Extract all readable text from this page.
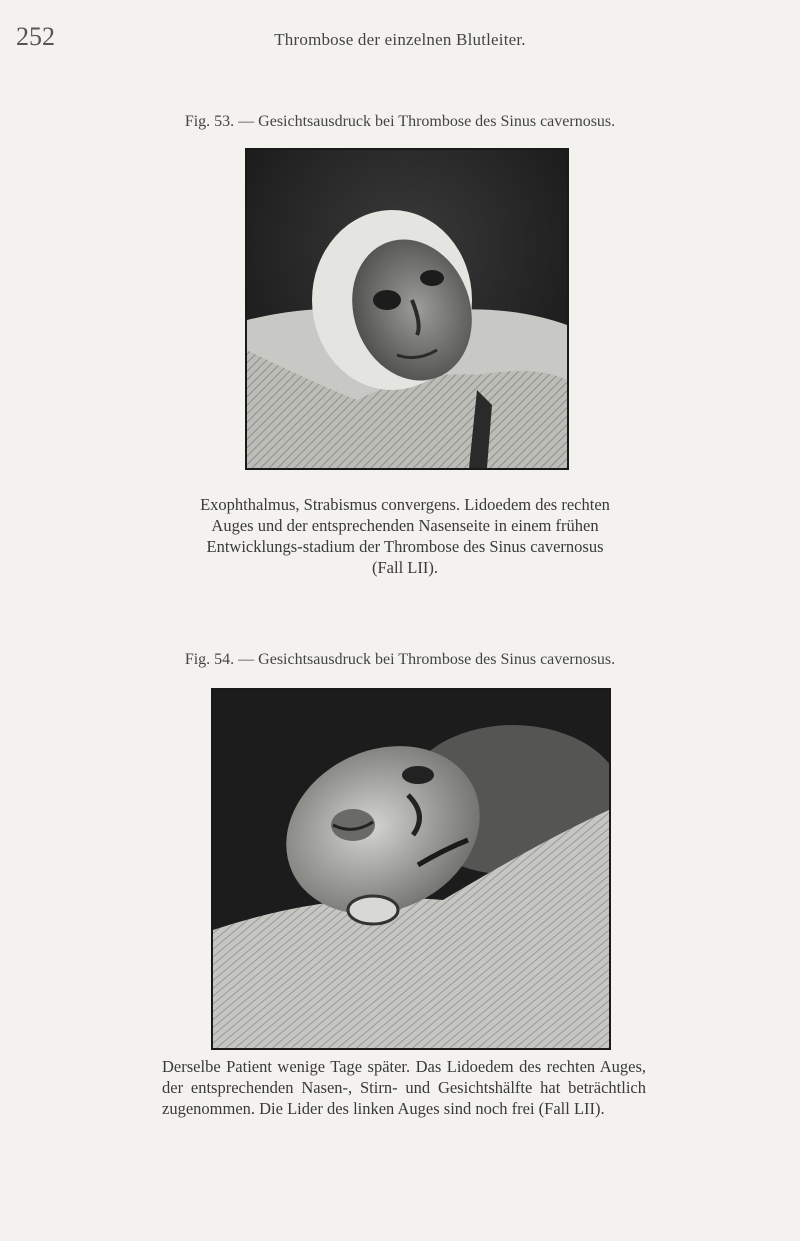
252	Thrombose der einzelnen Blutleiter.
Fig. 53. — Gesichtsausdruck bei Thrombose des Sinus cavernosus.
Exophthalmus, Strabismus convergens. Lidoedem des rechten Auges und der entsprechenden Nasenseite in einem frühen Entwicklungs-stadium der Thrombose des Sinus cavernosus (Fall LII).
Fig. 54. — Gesichtsausdruck bei Thrombose des Sinus cavernosus.
Derselbe Patient wenige Tage später. Das Lidoedem des rechten Auges, der entsprechenden Nasen-, Stirn- und Gesichtshälfte hat beträchtlich zugenommen. Die Lider des linken Auges sind noch frei (Fall LII).
